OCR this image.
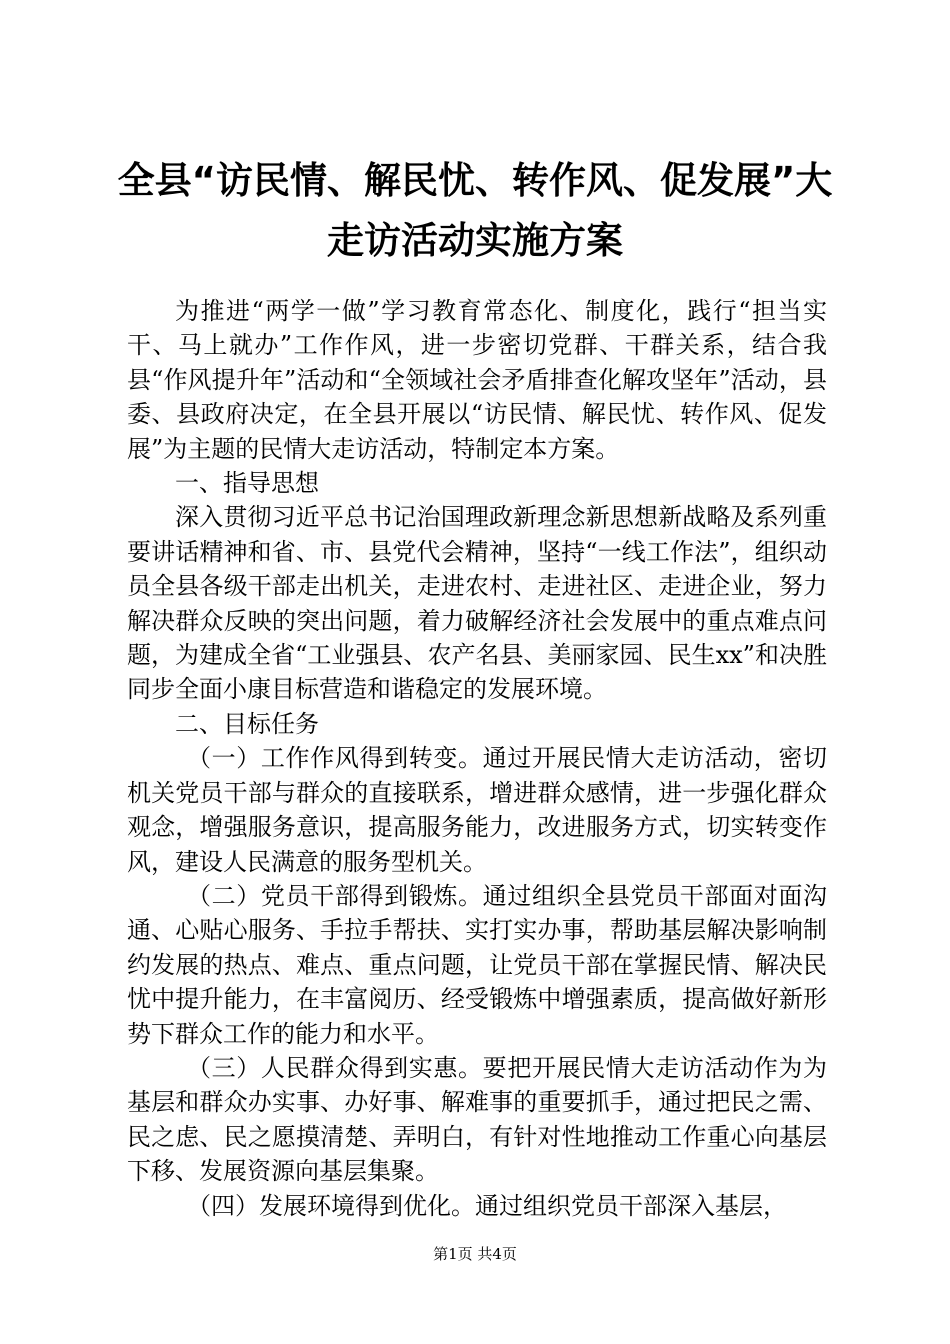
全县“访民情、解民忧、转作风、促发展”大
走访活动实施方案

为推进“两学一做”学习教育常态化、制度化，践行“担当实干、马上就办”工作作风，进一步密切党群、干群关系，结合我县“作风提升年”活动和“全领域社会矛盾排查化解攻坚年”活动，县委、县政府决定，在全县开展以“访民情、解民忧、转作风、促发展”为主题的民情大走访活动，特制定本方案。

一、指导思想

深入贯彻习近平总书记治国理政新理念新思想新战略及系列重要讲话精神和省、市、县党代会精神，坚持“一线工作法”，组织动员全县各级干部走出机关，走进农村、走进社区、走进企业，努力解决群众反映的突出问题，着力破解经济社会发展中的重点难点问题，为建成全省“工业强县、农产名县、美丽家园、民生xx”和决胜同步全面小康目标营造和谐稳定的发展环境。

二、目标任务

（一）工作作风得到转变。通过开展民情大走访活动，密切机关党员干部与群众的直接联系，增进群众感情，进一步强化群众观念，增强服务意识，提高服务能力，改进服务方式，切实转变作风，建设人民满意的服务型机关。

（二）党员干部得到锻炼。通过组织全县党员干部面对面沟通、心贴心服务、手拉手帮扶、实打实办事，帮助基层解决影响制约发展的热点、难点、重点问题，让党员干部在掌握民情、解决民忧中提升能力，在丰富阅历、经受锻炼中增强素质，提高做好新形势下群众工作的能力和水平。

（三）人民群众得到实惠。要把开展民情大走访活动作为为基层和群众办实事、办好事、解难事的重要抓手，通过把民之需、民之虑、民之愿摸清楚、弄明白，有针对性地推动工作重心向基层下移、发展资源向基层集聚。

（四）发展环境得到优化。通过组织党员干部深入基层，

第1页 共4页
